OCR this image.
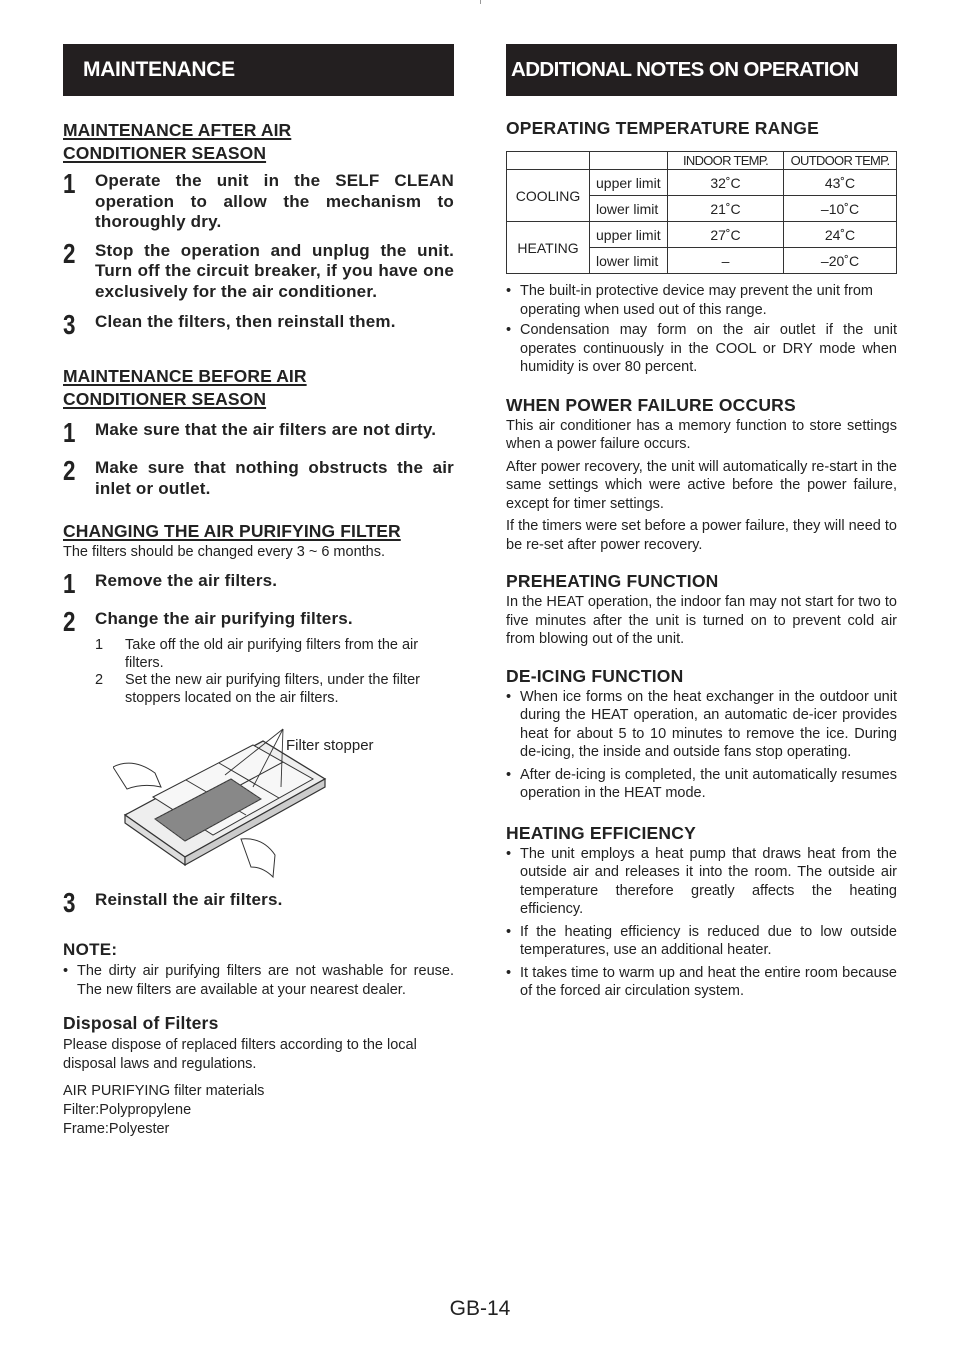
MAINTENANCE
MAINTENANCE AFTER AIR
CONDITIONER SEASON
1	Operate the unit in the SELF CLEAN operation to allow the mechanism to thoroughly dry.
2	Stop the operation and unplug the unit. Turn off the circuit breaker, if you have one exclusively for the air conditioner.
3	Clean the filters, then reinstall them.
MAINTENANCE BEFORE AIR
CONDITIONER SEASON
1	Make sure that the air filters are not dirty.
2	Make sure that nothing obstructs the air inlet or outlet.
CHANGING THE AIR PURIFYING FILTER
The filters should be changed every 3 ~ 6 months.
1	Remove the air filters.
2	Change the air purifying filters.
1	Take off the old air purifying filters from the air filters.
2	Set the new air purifying filters, under the filter stoppers located on the air filters.
Filter stopper
3	Reinstall the air filters.
NOTE:
• The dirty air purifying filters are not washable for reuse. The new filters are available at your nearest dealer.
Disposal of Filters
Please dispose of replaced filters according to the local disposal laws and regulations.
AIR PURIFYING filter materials
Filter:Polypropylene
Frame:Polyester
ADDITIONAL NOTES ON OPERATION
OPERATING TEMPERATURE RANGE
		INDOOR TEMP.	OUTDOOR TEMP.
COOLING	upper limit	32˚C	43˚C
	lower limit	21˚C	–10˚C
HEATING	upper limit	27˚C	24˚C
	lower limit	–	–20˚C
• The built-in protective device may prevent the unit from operating when used out of this range.
• Condensation may form on the air outlet if the unit operates continuously in the COOL or DRY mode when humidity is over 80 percent.
WHEN POWER FAILURE OCCURS
This air conditioner has a memory function to store settings when a power failure occurs.
After power recovery, the unit will automatically re-start in the same settings which were active before the power failure, except for timer settings.
If the timers were set before a power failure, they will need to be re-set after power recovery.
PREHEATING FUNCTION
In the HEAT operation, the indoor fan may not start for two to five minutes after the unit is turned on to prevent cold air from blowing out of the unit.
DE-ICING FUNCTION
• When ice forms on the heat exchanger in the outdoor unit during the HEAT operation, an automatic de-icer provides heat for about 5 to 10 minutes to remove the ice. During de-icing, the inside and outside fans stop operating.
• After de-icing is completed, the unit automatically resumes operation in the HEAT mode.
HEATING EFFICIENCY
• The unit employs a heat pump that draws heat from the outside air and releases it into the room. The outside air temperature therefore greatly affects the heating efficiency.
• If the heating efficiency is reduced due to low outside temperatures, use an additional heater.
• It takes time to warm up and heat the entire room because of the forced air circulation system.
GB-14
